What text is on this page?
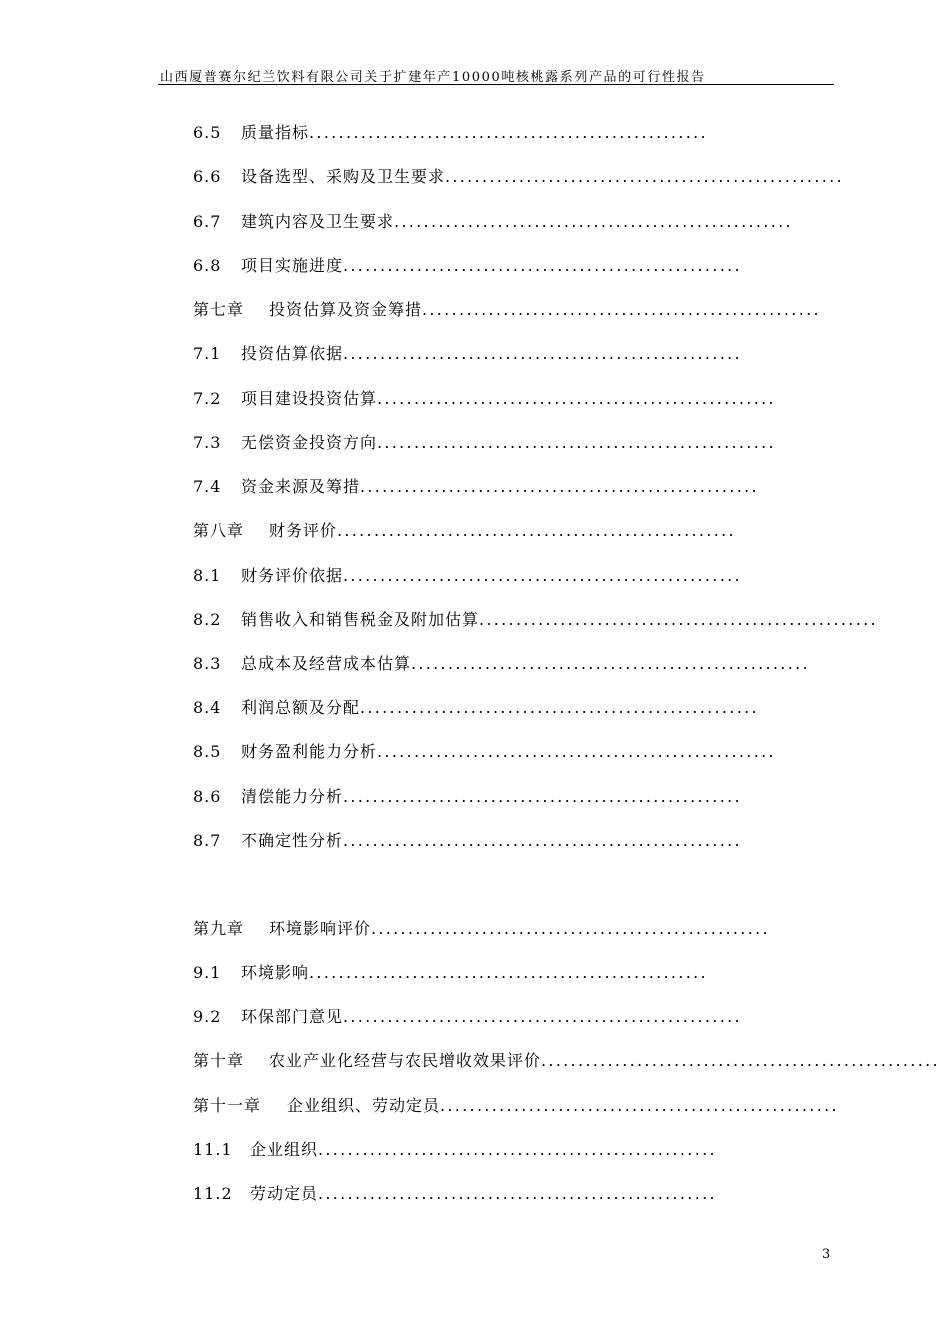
山西厦普赛尔纪兰饮料有限公司关于扩建年产10000吨核桃露系列产品的可行性报告
6.5 质量指标......................................................
6.6 设备选型、采购及卫生要求......................................................
6.7 建筑内容及卫生要求......................................................
6.8 项目实施进度......................................................
第七章 投资估算及资金筹措......................................................
7.1 投资估算依据......................................................
7.2 项目建设投资估算......................................................
7.3 无偿资金投资方向......................................................
7.4 资金来源及筹措......................................................
第八章 财务评价......................................................
8.1 财务评价依据......................................................
8.2 销售收入和销售税金及附加估算......................................................
8.3 总成本及经营成本估算......................................................
8.4 利润总额及分配......................................................
8.5 财务盈利能力分析......................................................
8.6 清偿能力分析......................................................
8.7 不确定性分析......................................................
第九章 环境影响评价......................................................
9.1 环境影响......................................................
9.2 环保部门意见......................................................
第十章 农业产业化经营与农民增收效果评价......................................................
第十一章 企业组织、劳动定员......................................................
11.1 企业组织......................................................
11.2 劳动定员......................................................
3
